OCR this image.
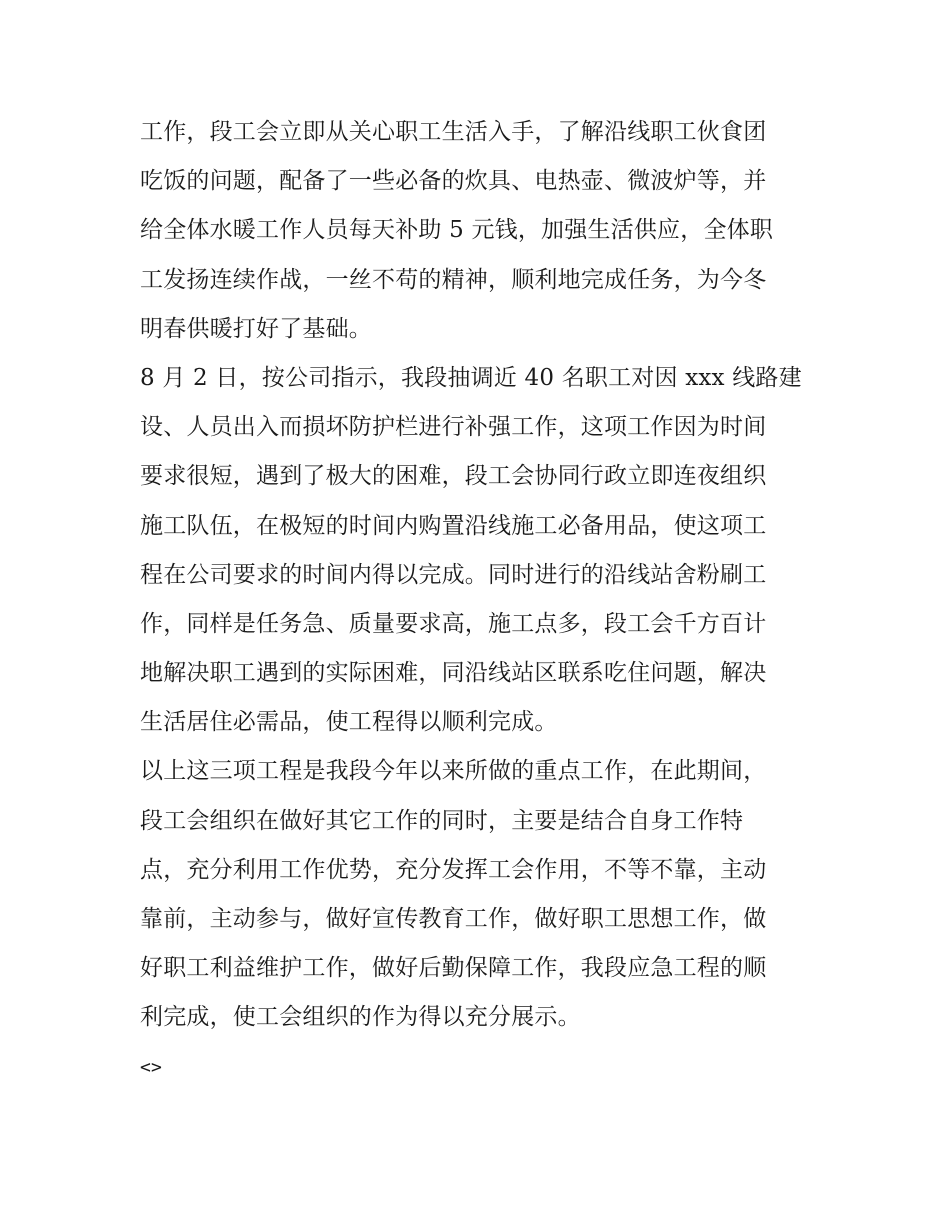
工作，段工会立即从关心职工生活入手，了解沿线职工伙食团
吃饭的问题，配备了一些必备的炊具、电热壶、微波炉等，并
给全体水暖工作人员每天补助 5 元钱，加强生活供应，全体职
工发扬连续作战，一丝不苟的精神，顺利地完成任务，为今冬
明春供暖打好了基础。
8 月 2 日，按公司指示，我段抽调近 40 名职工对因 xxx 线路建
设、人员出入而损坏防护栏进行补强工作，这项工作因为时间
要求很短，遇到了极大的困难，段工会协同行政立即连夜组织
施工队伍，在极短的时间内购置沿线施工必备用品，使这项工
程在公司要求的时间内得以完成。同时进行的沿线站舍粉刷工
作，同样是任务急、质量要求高，施工点多，段工会千方百计
地解决职工遇到的实际困难，同沿线站区联系吃住问题，解决
生活居住必需品，使工程得以顺利完成。
以上这三项工程是我段今年以来所做的重点工作，在此期间，
段工会组织在做好其它工作的同时，主要是结合自身工作特
点，充分利用工作优势，充分发挥工会作用，不等不靠，主动
靠前，主动参与，做好宣传教育工作，做好职工思想工作，做
好职工利益维护工作，做好后勤保障工作，我段应急工程的顺
利完成，使工会组织的作为得以充分展示。
<>
